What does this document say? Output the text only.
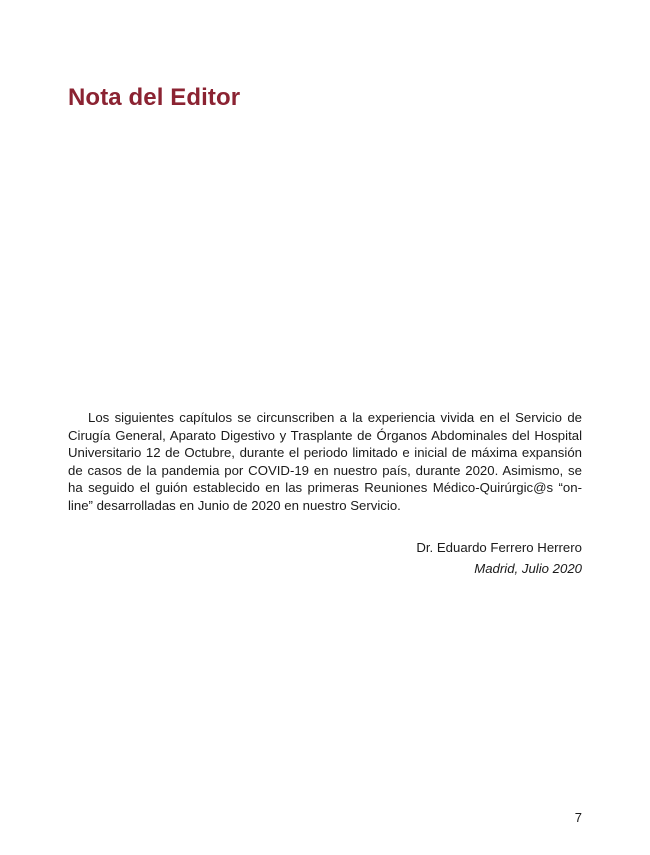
Nota del Editor

Los siguientes capítulos se circunscriben a la experiencia vivida en el Servicio de Cirugía General, Aparato Digestivo y Trasplante de Órganos Abdominales del Hospital Universitario 12 de Octubre, durante el periodo limitado e inicial de máxima expansión de casos de la pandemia por COVID-19 en nuestro país, durante 2020. Asimismo, se ha seguido el guión establecido en las primeras Reuniones Médico-Quirúrgic@s “on-line” desarrolladas en Junio de 2020 en nuestro Servicio.

Dr. Eduardo Ferrero Herrero
Madrid, Julio 2020
7
